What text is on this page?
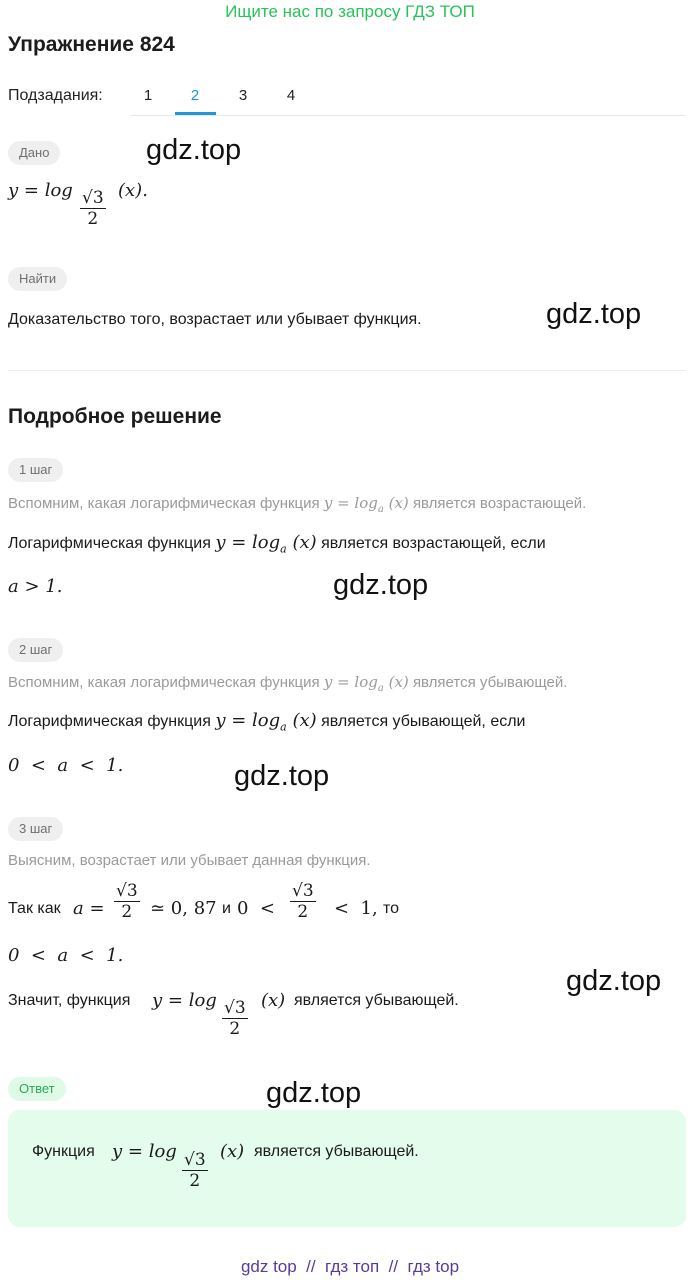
Ищите нас по запросу ГДЗ ТОП
Упражнение 824
Подзадания:	1	2	3	4
Дано	gdz.top
y = log √3
2
(x).
Найти
Доказательство того, возрастает или убывает функция.	gdz.top
Подробное решение
1 шаг
Вспомним, какая логарифмическая функция $y = \log_a (x)$ является возрастающей.
Логарифмическая функция $y = \log_a (x)$ является возрастающей, если
a > 1.	gdz.top
2 шаг
Вспомним, какая логарифмическая функция $y = \log_a (x)$ является убывающей.
Логарифмическая функция $y = \log_a (x)$ является убывающей, если
0  <  a  <  1.	gdz.top
3 шаг
Выясним, возрастает или убывает данная функция.
Так как a =
√3
2 ≃ 0, 87 и 0  <
√3
2 <  1, то
0  <  a  <  1.
gdz.top
Значит, функция y = log √3
2
(x) является убывающей.
Ответ	gdz.top
Функция y = log √3
2
(x) является убывающей.
gdz top  //  гдз топ  //  гдз top
